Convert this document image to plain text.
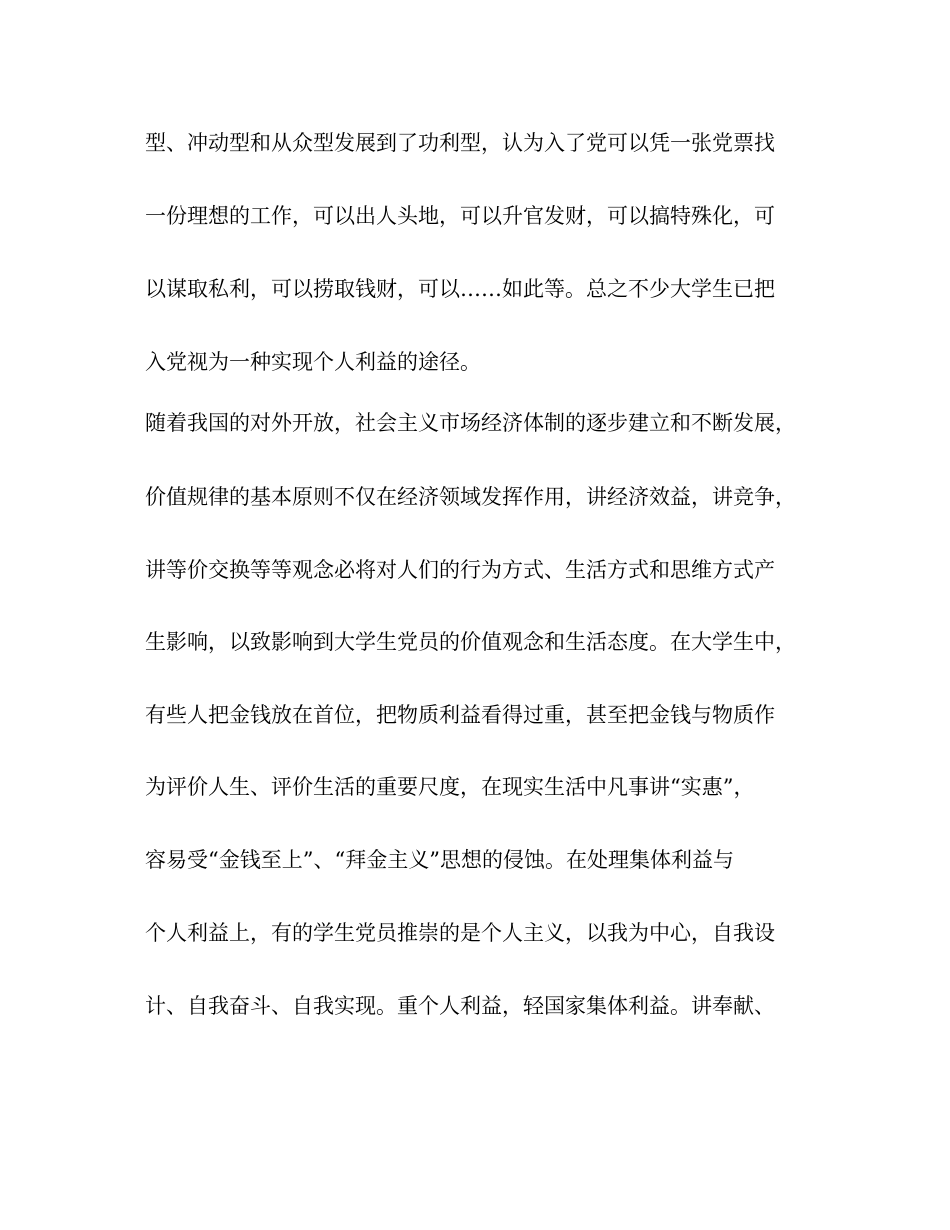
型、冲动型和从众型发展到了功利型，认为入了党可以凭一张党票找

一份理想的工作，可以出人头地，可以升官发财，可以搞特殊化，可

以谋取私利，可以捞取钱财，可以……如此等。总之不少大学生已把

入党视为一种实现个人利益的途径。

随着我国的对外开放，社会主义市场经济体制的逐步建立和不断发展，

价值规律的基本原则不仅在经济领域发挥作用，讲经济效益，讲竞争，

讲等价交换等等观念必将对人们的行为方式、生活方式和思维方式产

生影响，以致影响到大学生党员的价值观念和生活态度。在大学生中，

有些人把金钱放在首位，把物质利益看得过重，甚至把金钱与物质作

为评价人生、评价生活的重要尺度，在现实生活中凡事讲“实惠”，

容易受“金钱至上”、“拜金主义”思想的侵蚀。在处理集体利益与

个人利益上，有的学生党员推崇的是个人主义，以我为中心，自我设

计、自我奋斗、自我实现。重个人利益，轻国家集体利益。讲奉献、
